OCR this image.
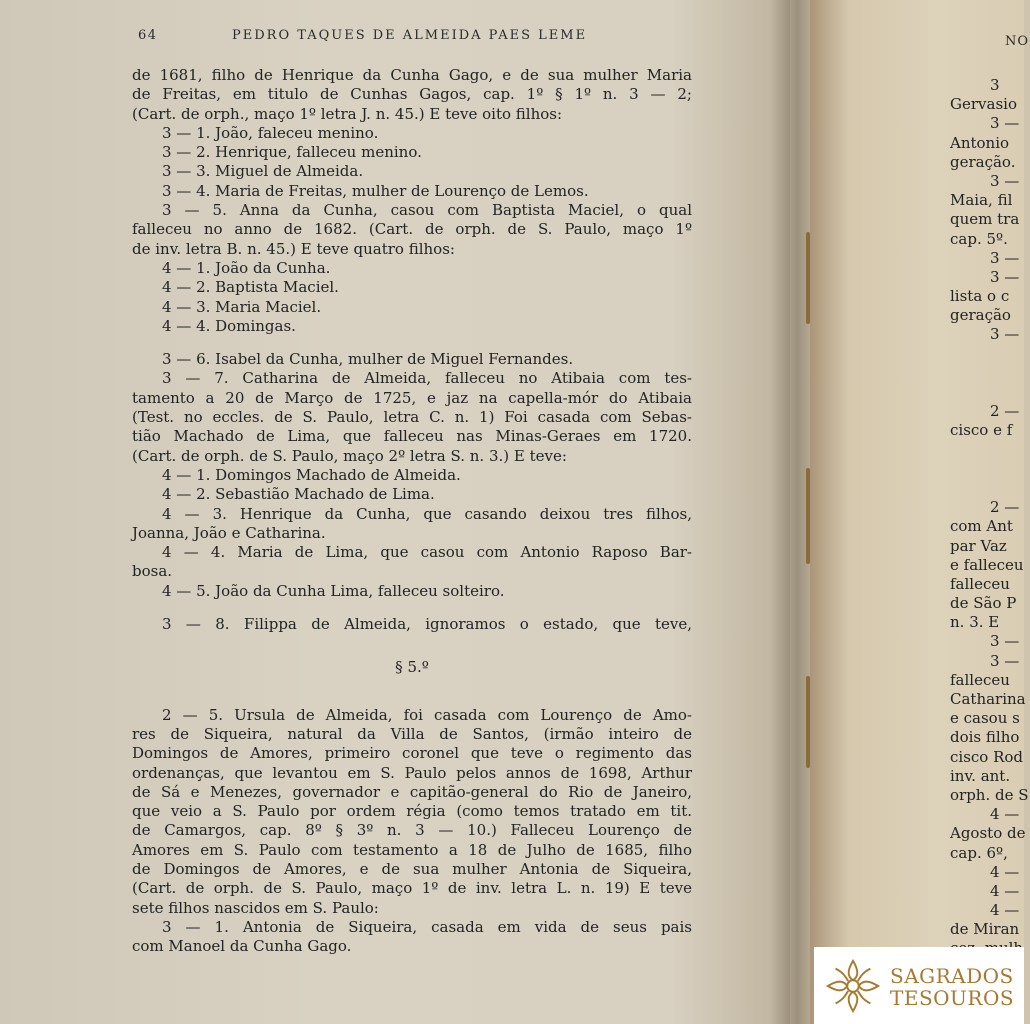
64	PEDRO TAQUES DE ALMEIDA PAES LEME
de 1681, filho de Henrique da Cunha Gago, e de sua mulher Maria
de Freitas, em titulo de Cunhas Gagos, cap. 1º § 1º n. 3 — 2;
(Cart. de orph., maço 1º letra J. n. 45.) E teve oito filhos:
3 — 1. João, faleceu menino.
3 — 2. Henrique, falleceu menino.
3 — 3. Miguel de Almeida.
3 — 4. Maria de Freitas, mulher de Lourenço de Lemos.
3 — 5. Anna da Cunha, casou com Baptista Maciel, o qual
falleceu no anno de 1682. (Cart. de orph. de S. Paulo, maço 1º
de inv. letra B. n. 45.) E teve quatro filhos:
4 — 1. João da Cunha.
4 — 2. Baptista Maciel.
4 — 3. Maria Maciel.
4 — 4. Domingas.
3 — 6. Isabel da Cunha, mulher de Miguel Fernandes.
3 — 7. Catharina de Almeida, falleceu no Atibaia com tes-
tamento a 20 de Março de 1725, e jaz na capella-mór do Atibaia
(Test. no eccles. de S. Paulo, letra C. n. 1) Foi casada com Sebas-
tião Machado de Lima, que falleceu nas Minas-Geraes em 1720.
(Cart. de orph. de S. Paulo, maço 2º letra S. n. 3.) E teve:
4 — 1. Domingos Machado de Almeida.
4 — 2. Sebastião Machado de Lima.
4 — 3. Henrique da Cunha, que casando deixou tres filhos,
Joanna, João e Catharina.
4 — 4. Maria de Lima, que casou com Antonio Raposo Bar-
bosa.
4 — 5. João da Cunha Lima, falleceu solteiro.
3 — 8. Filippa de Almeida, ignoramos o estado, que teve,
§ 5.º
2 — 5. Ursula de Almeida, foi casada com Lourenço de Amo-
res de Siqueira, natural da Villa de Santos, (irmão inteiro de
Domingos de Amores, primeiro coronel que teve o regimento das
ordenanças, que levantou em S. Paulo pelos annos de 1698, Arthur
de Sá e Menezes, governador e capitão-general do Rio de Janeiro,
que veio a S. Paulo por ordem régia (como temos tratado em tit.
de Camargos, cap. 8º § 3º n. 3 — 10.) Falleceu Lourenço de
Amores em S. Paulo com testamento a 18 de Julho de 1685, filho
de Domingos de Amores, e de sua mulher Antonia de Siqueira,
(Cart. de orph. de S. Paulo, maço 1º de inv. letra L. n. 19) E teve
sete filhos nascidos em S. Paulo:
3 — 1. Antonia de Siqueira, casada em vida de seus pais
com Manoel da Cunha Gago.
NO
3
Gervasio
3 —
Antonio
geração.
3 —
Maia, fil
quem tra
cap. 5º.
3 —
3 —
lista o c
geração
3 —
2 —
cisco e f
2 —
com Ant
par Vaz
e falleceu
falleceu
de São P
n. 3. E
3 —
3 —
falleceu
Catharina
e casou s
dois filho
cisco Rod
inv. ant.
orph. de S
4 —
Agosto de
cap. 6º,
4 —
4 —
4 —
de Miran
SAGRADOS
TESOUROS
